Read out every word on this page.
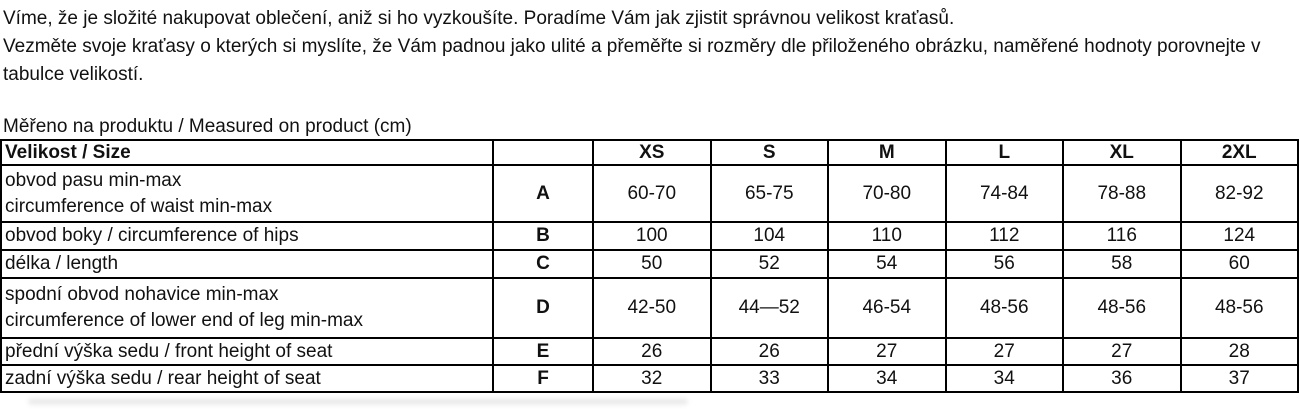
Víme, že je složité nakupovat oblečení, aniž si ho vyzkoušíte. Poradíme Vám jak zjistit správnou velikost kraťasů.
Vezměte svoje kraťasy o kterých si myslíte, že Vám padnou jako ulité a přeměřte si rozměry dle přiloženého obrázku, naměřené hodnoty porovnejte v tabulce velikostí.
Měřeno na produktu / Measured on product (cm)
Velikost / Size		XS	S	M	L	XL	2XL

obvod pasu min-max
circumference of waist min-max	A	60-70	65-75	70-80	74-84	78-88	82-92
obvod boky / circumference of hips	B	100	104	110	112	116	124
délka / length	C	50	52	54	56	58	60

spodní obvod nohavice min-max
circumference of lower end of leg min-max	D	42-50	44—52	46-54	48-56	48-56	48-56
přední výška sedu / front height of seat	E	26	26	27	27	27	28
zadní výška sedu / rear height of seat	F	32	33	34	34	36	37
